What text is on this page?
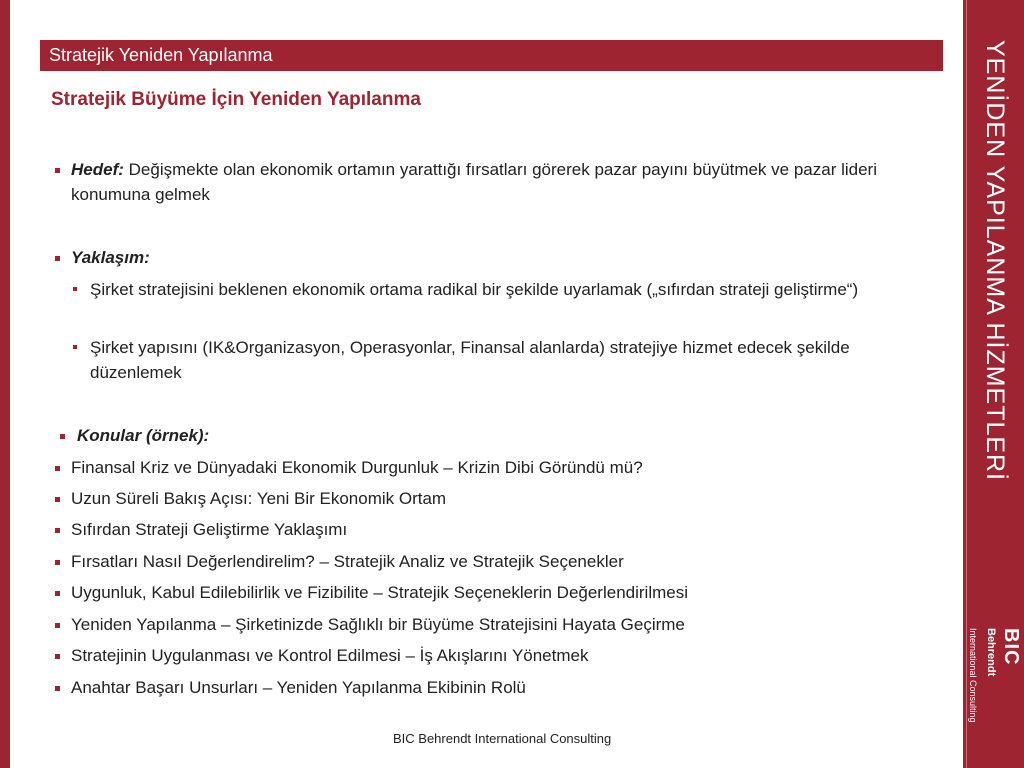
YENİDEN YAPILANMA HİZMETLERİ
BIC
Behrendt
International Consulting
Stratejik Yeniden Yapılanma
Stratejik Büyüme İçin Yeniden Yapılanma
Hedef: Değişmekte olan ekonomik ortamın yarattığı fırsatları görerek pazar payını büyütmek ve pazar lideri konumuna gelmek
Yaklaşım:
Şirket stratejisini beklenen ekonomik ortama radikal bir şekilde uyarlamak („sıfırdan strateji geliştirme“)
Şirket yapısını (IK&Organizasyon, Operasyonlar, Finansal alanlarda) stratejiye hizmet edecek şekilde düzenlemek
Konular (örnek):
Finansal Kriz ve Dünyadaki Ekonomik Durgunluk – Krizin Dibi Göründü mü?
Uzun Süreli Bakış Açısı: Yeni Bir Ekonomik Ortam
Sıfırdan Strateji Geliştirme Yaklaşımı
Fırsatları Nasıl Değerlendirelim? – Stratejik Analiz ve Stratejik Seçenekler
Uygunluk, Kabul Edilebilirlik ve Fizibilite – Stratejik Seçeneklerin Değerlendirilmesi
Yeniden Yapılanma – Şirketinizde Sağlıklı bir Büyüme Stratejisini Hayata Geçirme
Stratejinin Uygulanması ve Kontrol Edilmesi – İş Akışlarını Yönetmek
Anahtar Başarı Unsurları – Yeniden Yapılanma Ekibinin Rolü
BIC Behrendt International Consulting
